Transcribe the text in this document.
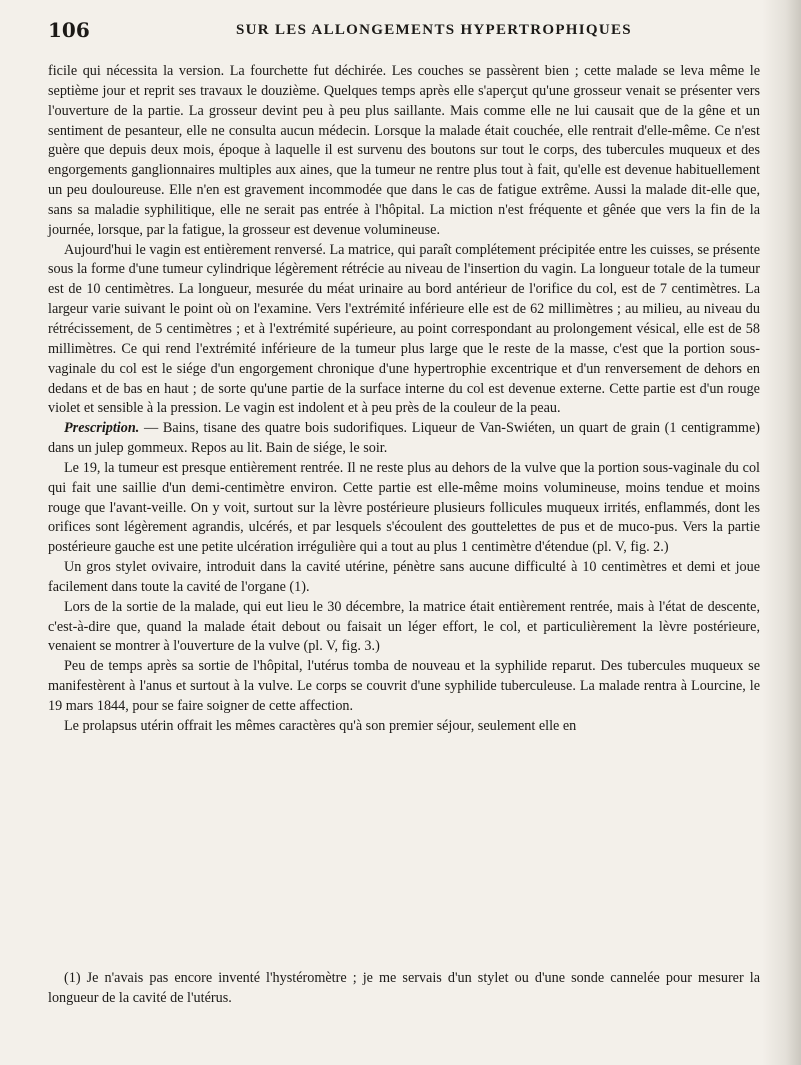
106	SUR LES ALLONGEMENTS HYPERTROPHIQUES

ficile qui nécessita la version. La fourchette fut déchirée. Les couches se passèrent bien ; cette malade se leva même le septième jour et reprit ses travaux le douzième. Quelques temps après elle s'aperçut qu'une grosseur venait se présenter vers l'ouverture de la partie. La grosseur devint peu à peu plus saillante. Mais comme elle ne lui causait que de la gêne et un sentiment de pesanteur, elle ne consulta aucun médecin. Lorsque la malade était couchée, elle rentrait d'elle-même. Ce n'est guère que depuis deux mois, époque à laquelle il est survenu des boutons sur tout le corps, des tubercules muqueux et des engorgements ganglionnaires multiples aux aines, que la tumeur ne rentre plus tout à fait, qu'elle est devenue habituellement un peu douloureuse. Elle n'en est gravement incommodée que dans le cas de fatigue extrême. Aussi la malade dit-elle que, sans sa maladie syphilitique, elle ne serait pas entrée à l'hôpital. La miction n'est fréquente et gênée que vers la fin de la journée, lorsque, par la fatigue, la grosseur est devenue volumineuse.

Aujourd'hui le vagin est entièrement renversé. La matrice, qui paraît complétement précipitée entre les cuisses, se présente sous la forme d'une tumeur cylindrique légèrement rétrécie au niveau de l'insertion du vagin. La longueur totale de la tumeur est de 10 centimètres. La longueur, mesurée du méat urinaire au bord antérieur de l'orifice du col, est de 7 centimètres. La largeur varie suivant le point où on l'examine. Vers l'extrémité inférieure elle est de 62 millimètres ; au milieu, au niveau du rétrécissement, de 5 centimètres ; et à l'extrémité supérieure, au point correspondant au prolongement vésical, elle est de 58 millimètres. Ce qui rend l'extrémité inférieure de la tumeur plus large que le reste de la masse, c'est que la portion sous-vaginale du col est le siége d'un engorgement chronique d'une hypertrophie excentrique et d'un renversement de dehors en dedans et de bas en haut ; de sorte qu'une partie de la surface interne du col est devenue externe. Cette partie est d'un rouge violet et sensible à la pression. Le vagin est indolent et à peu près de la couleur de la peau.

Prescription. — Bains, tisane des quatre bois sudorifiques. Liqueur de Van-Swiéten, un quart de grain (1 centigramme) dans un julep gommeux. Repos au lit. Bain de siége, le soir.

Le 19, la tumeur est presque entièrement rentrée. Il ne reste plus au dehors de la vulve que la portion sous-vaginale du col qui fait une saillie d'un demi-centimètre environ. Cette partie est elle-même moins volumineuse, moins tendue et moins rouge que l'avant-veille. On y voit, surtout sur la lèvre postérieure plusieurs follicules muqueux irrités, enflammés, dont les orifices sont légèrement agrandis, ulcérés, et par lesquels s'écoulent des gouttelettes de pus et de muco-pus. Vers la partie postérieure gauche est une petite ulcération irrégulière qui a tout au plus 1 centimètre d'étendue (pl. V, fig. 2.)

Un gros stylet ovivaire, introduit dans la cavité utérine, pénètre sans aucune difficulté à 10 centimètres et demi et joue facilement dans toute la cavité de l'organe (1).

Lors de la sortie de la malade, qui eut lieu le 30 décembre, la matrice était entièrement rentrée, mais à l'état de descente, c'est-à-dire que, quand la malade était debout ou faisait un léger effort, le col, et particulièrement la lèvre postérieure, venaient se montrer à l'ouverture de la vulve (pl. V, fig. 3.)

Peu de temps après sa sortie de l'hôpital, l'utérus tomba de nouveau et la syphilide reparut. Des tubercules muqueux se manifestèrent à l'anus et surtout à la vulve. Le corps se couvrit d'une syphilide tuberculeuse. La malade rentra à Lourcine, le 19 mars 1844, pour se faire soigner de cette affection.

Le prolapsus utérin offrait les mêmes caractères qu'à son premier séjour, seulement elle en

(1) Je n'avais pas encore inventé l'hystéromètre ; je me servais d'un stylet ou d'une sonde cannelée pour mesurer la longueur de la cavité de l'utérus.
